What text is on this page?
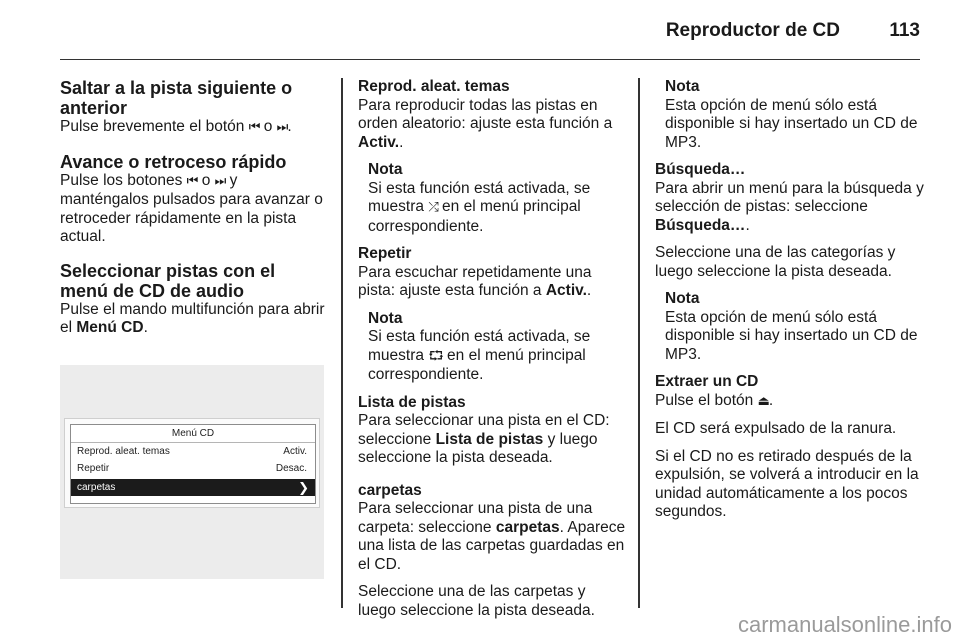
Reproductor de CD	113
Saltar a la pista siguiente o anterior

Pulse brevemente el botón ⏮ o ⏭.

Avance o retroceso rápido

Pulse los botones ⏮ o ⏭ y manténgalos pulsados para avanzar o retroceder rápidamente en la pista actual.

Seleccionar pistas con el menú de CD de audio

Pulse el mando multifunción para abrir el Menú CD.

Menú CD
Reprod. aleat. temas	Activ.
Repetir	Desac.
carpetas	❯

Reprod. aleat. temas
Para reproducir todas las pistas en orden aleatorio: ajuste esta función a Activ..

Nota
Si esta función está activada, se muestra ⤮ en el menú principal correspondiente.

Repetir
Para escuchar repetidamente una pista: ajuste esta función a Activ..

Nota
Si esta función está activada, se muestra ⮔ en el menú principal correspondiente.

Lista de pistas
Para seleccionar una pista en el CD: seleccione Lista de pistas y luego seleccione la pista deseada.

carpetas
Para seleccionar una pista de una carpeta: seleccione carpetas. Aparece una lista de las carpetas guardadas en el CD.

Seleccione una de las carpetas y luego seleccione la pista deseada.

Nota
Esta opción de menú sólo está disponible si hay insertado un CD de MP3.

Búsqueda…
Para abrir un menú para la búsqueda y selección de pistas: seleccione Búsqueda….

Seleccione una de las categorías y luego seleccione la pista deseada.

Nota
Esta opción de menú sólo está disponible si hay insertado un CD de MP3.

Extraer un CD
Pulse el botón ⏏.

El CD será expulsado de la ranura.

Si el CD no es retirado después de la expulsión, se volverá a introducir en la unidad automáticamente a los pocos segundos.

carmanualsonline.info
